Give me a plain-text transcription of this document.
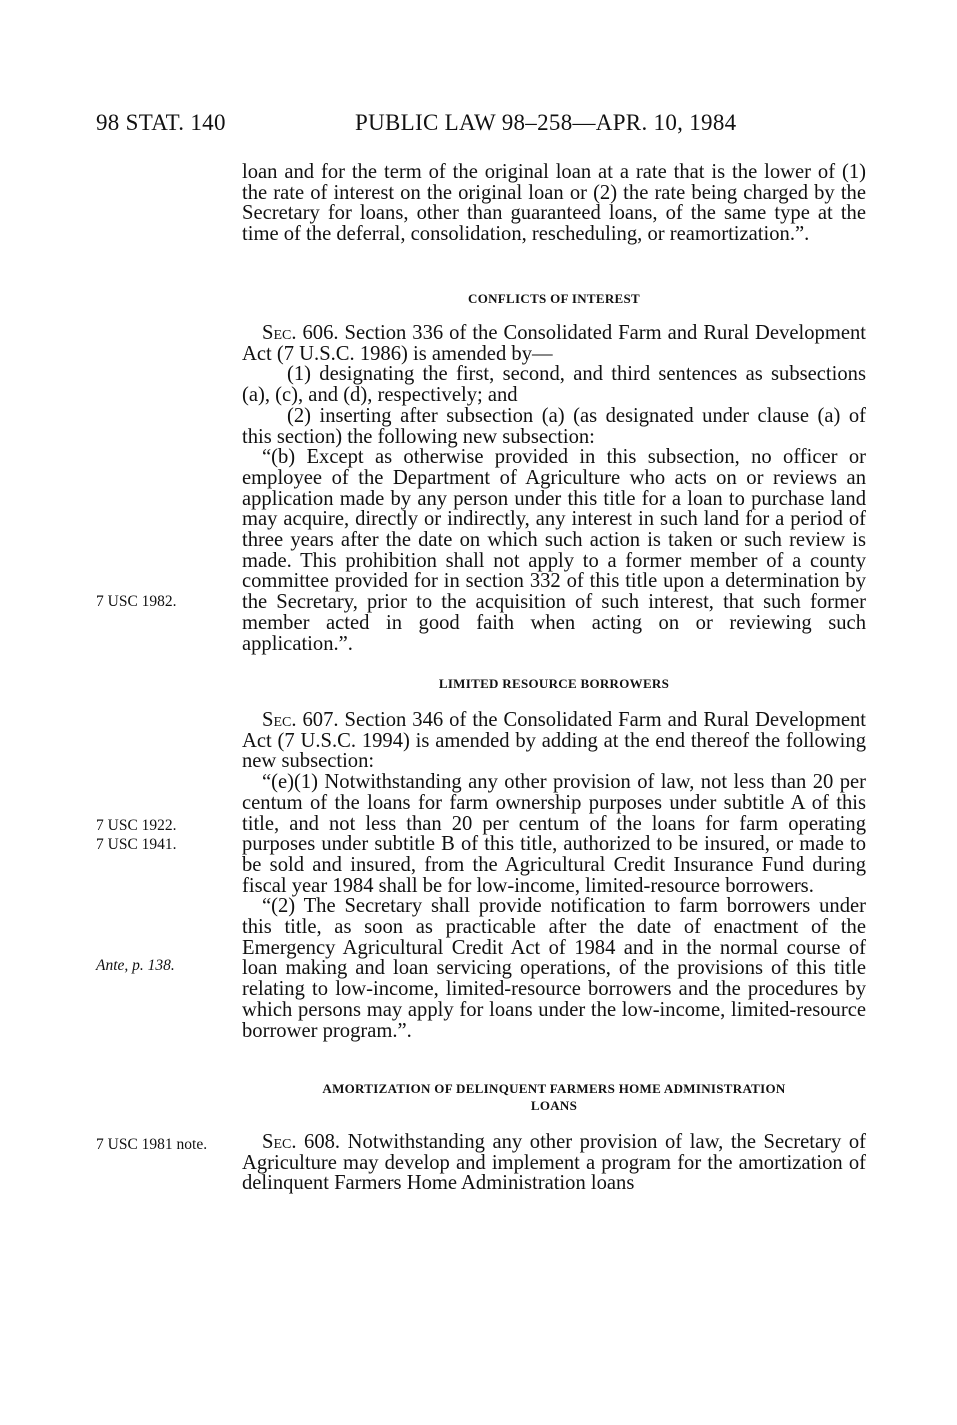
98 STAT. 140	PUBLIC LAW 98–258—APR. 10, 1984

loan and for the term of the original loan at a rate that is the lower of (1) the rate of interest on the original loan or (2) the rate being charged by the Secretary for loans, other than guaranteed loans, of the same type at the time of the deferral, consolidation, rescheduling, or reamortization.”.

CONFLICTS OF INTEREST

Sec. 606. Section 336 of the Consolidated Farm and Rural Development Act (7 U.S.C. 1986) is amended by—

(1) designating the first, second, and third sentences as subsections (a), (c), and (d), respectively; and

(2) inserting after subsection (a) (as designated under clause (a) of this section) the following new subsection:

“(b) Except as otherwise provided in this subsection, no officer or employee of the Department of Agriculture who acts on or reviews an application made by any person under this title for a loan to purchase land may acquire, directly or indirectly, any interest in such land for a period of three years after the date on which such action is taken or such review is made. This prohibition shall not apply to a former member of a county committee provided for in section 332 of this title upon a determination by the Secretary, prior to the acquisition of such interest, that such former member acted in good faith when acting on or reviewing such application.”.

LIMITED RESOURCE BORROWERS

Sec. 607. Section 346 of the Consolidated Farm and Rural Development Act (7 U.S.C. 1994) is amended by adding at the end thereof the following new subsection:

“(e)(1) Notwithstanding any other provision of law, not less than 20 per centum of the loans for farm ownership purposes under subtitle A of this title, and not less than 20 per centum of the loans for farm operating purposes under subtitle B of this title, authorized to be insured, or made to be sold and insured, from the Agricultural Credit Insurance Fund during fiscal year 1984 shall be for low-income, limited-resource borrowers.

“(2) The Secretary shall provide notification to farm borrowers under this title, as soon as practicable after the date of enactment of the Emergency Agricultural Credit Act of 1984 and in the normal course of loan making and loan servicing operations, of the provisions of this title relating to low-income, limited-resource borrowers and the procedures by which persons may apply for loans under the low-income, limited-resource borrower program.”.

AMORTIZATION OF DELINQUENT FARMERS HOME ADMINISTRATION
LOANS

Sec. 608. Notwithstanding any other provision of law, the Secretary of Agriculture may develop and implement a program for the amortization of delinquent Farmers Home Administration loans

7 USC 1982.
7 USC 1922.
7 USC 1941.
Ante, p. 138.
7 USC 1981 note.
